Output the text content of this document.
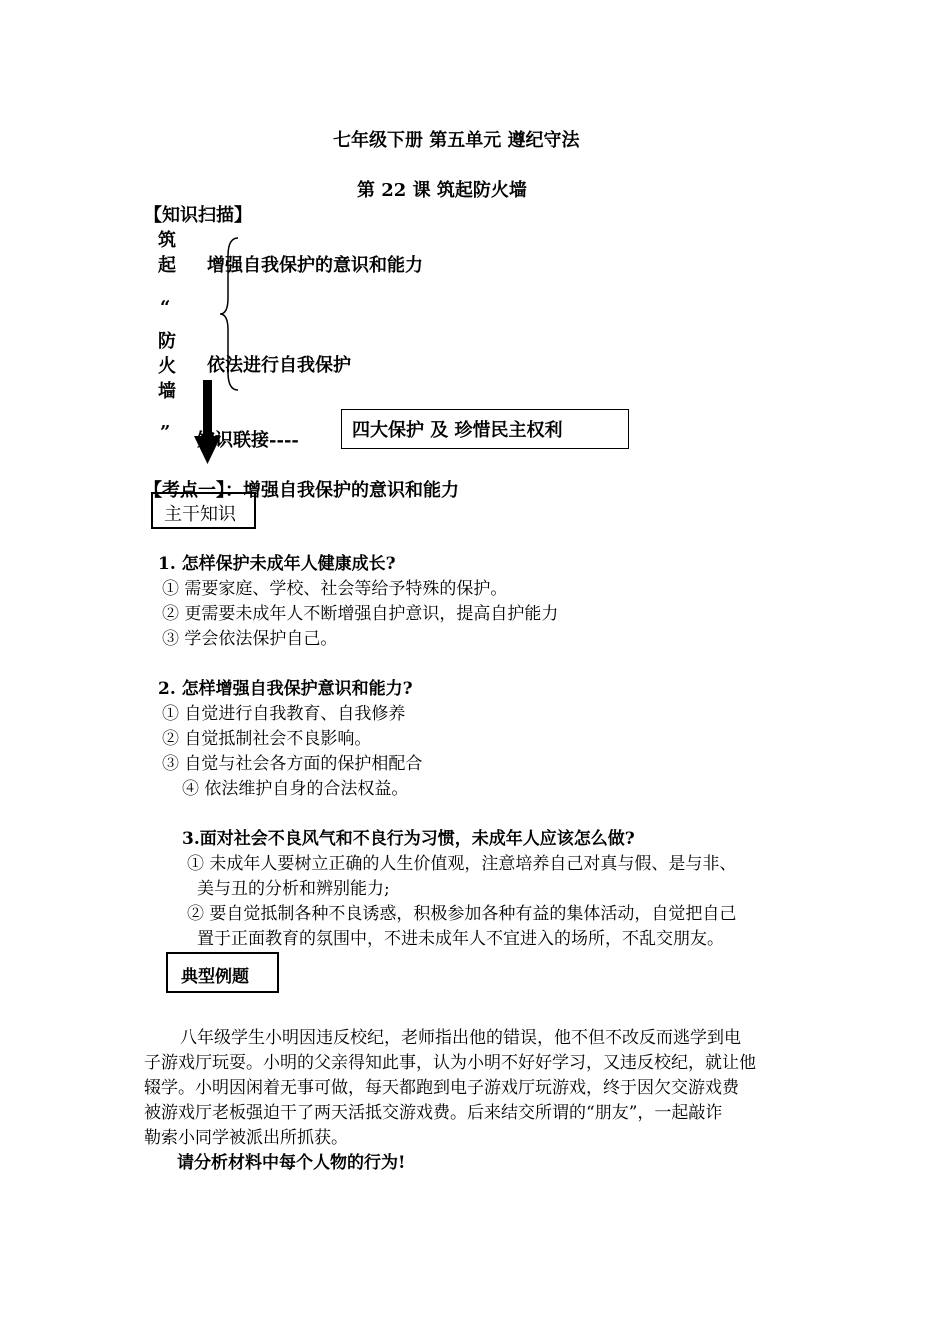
七年级下册 第五单元 遵纪守法
第 22 课 筑起防火墙
【知识扫描】
筑
起
“
防
火
墙
”
增强自我保护的意识和能力
依法进行自我保护
知识联接----	四大保护 及 珍惜民主权利
【考点一】：增强自我保护的意识和能力
主干知识
1. 怎样保护未成年人健康成长?
① 需要家庭、学校、社会等给予特殊的保护。
② 更需要未成年人不断增强自护意识，提高自护能力
③ 学会依法保护自己。
2. 怎样增强自我保护意识和能力?
① 自觉进行自我教育、自我修养
② 自觉抵制社会不良影响。
③ 自觉与社会各方面的保护相配合
④ 依法维护自身的合法权益。
3.面对社会不良风气和不良行为习惯，未成年人应该怎么做?
① 未成年人要树立正确的人生价值观，注意培养自己对真与假、是与非、
美与丑的分析和辨别能力;
② 要自觉抵制各种不良诱惑，积极参加各种有益的集体活动，自觉把自己
置于正面教育的氛围中，不进未成年人不宜进入的场所，不乱交朋友。
典型例题
八年级学生小明因违反校纪，老师指出他的错误，他不但不改反而逃学到电
子游戏厅玩耍。小明的父亲得知此事，认为小明不好好学习，又违反校纪，就让他
辍学。小明因闲着无事可做，每天都跑到电子游戏厅玩游戏，终于因欠交游戏费
被游戏厅老板强迫干了两天活抵交游戏费。后来结交所谓的“朋友”，一起敲诈
勒索小同学被派出所抓获。
请分析材料中每个人物的行为!
